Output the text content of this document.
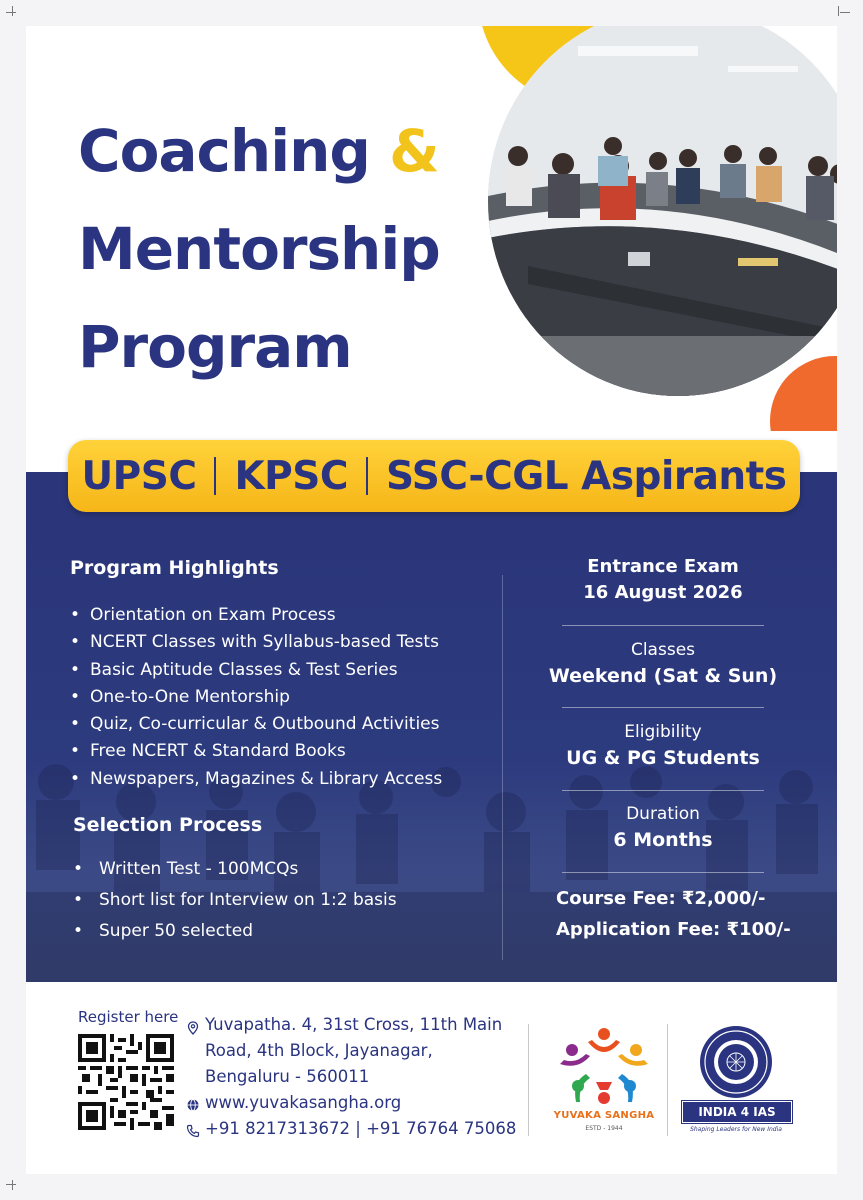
Coaching &
Mentorship
Program
UPSC KPSC SSC-CGL Aspirants
Program Highlights
• Orientation on Exam Process
• NCERT Classes with Syllabus-based Tests
• Basic Aptitude Classes & Test Series
• One-to-One Mentorship
• Quiz, Co-curricular & Outbound Activities
• Free NCERT & Standard Books
• Newspapers, Magazines & Library Access
Selection Process
• Written Test - 100MCQs
• Short list for Interview on 1:2 basis
• Super 50 selected
Entrance Exam
16 August 2026
Classes
Weekend (Sat & Sun)
Eligibility
UG & PG Students
Duration
6 Months
Course Fee: ₹2,000/-
Application Fee: ₹100/-
Register here Yuvapatha. 4, 31st Cross, 11th Main
Road, 4th Block, Jayanagar,
Bengaluru - 560011
www.yuvakasangha.org
+91 8217313672 | +91 76764 75068
YUVAKA SANGHA
ESTD - 1944
INDIA 4 IAS
Shaping Leaders for New India
